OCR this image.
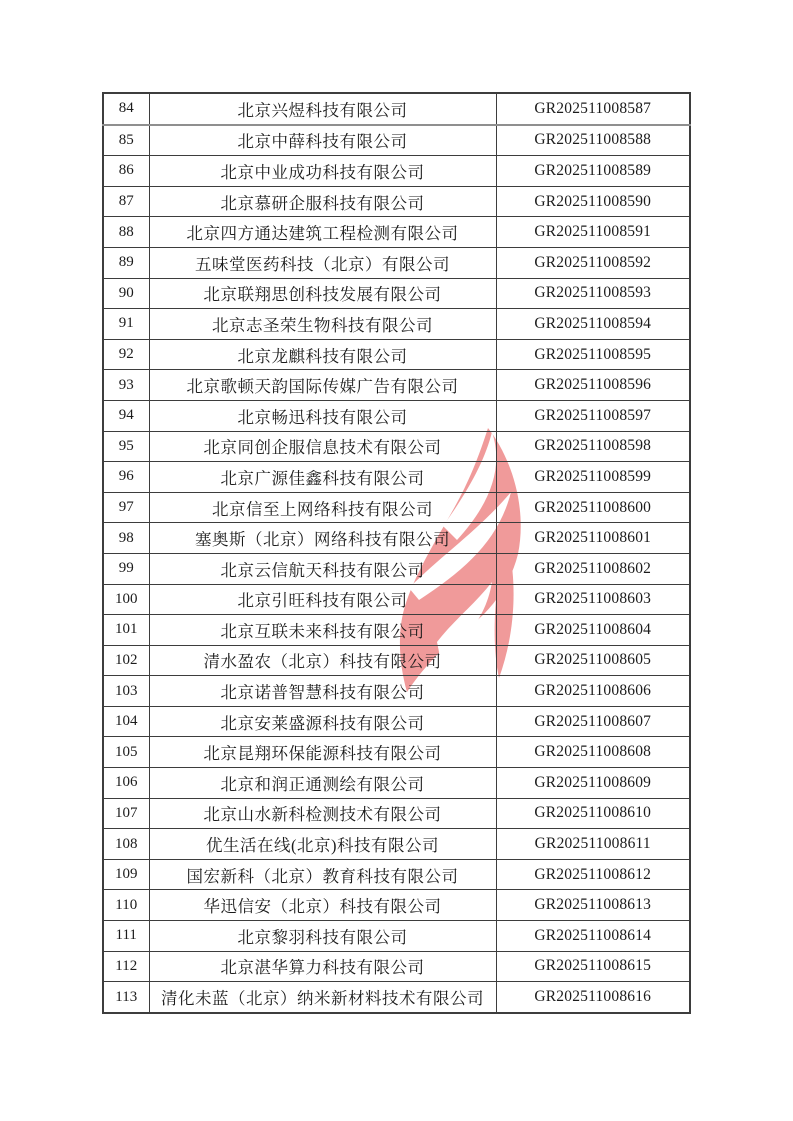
84	北京兴煜科技有限公司	GR202511008587
85	北京中薛科技有限公司	GR202511008588
86	北京中业成功科技有限公司	GR202511008589
87	北京慕研企服科技有限公司	GR202511008590
88	北京四方通达建筑工程检测有限公司	GR202511008591
89	五味堂医药科技（北京）有限公司	GR202511008592
90	北京联翔思创科技发展有限公司	GR202511008593
91	北京志圣荣生物科技有限公司	GR202511008594
92	北京龙麒科技有限公司	GR202511008595
93	北京歌顿天韵国际传媒广告有限公司	GR202511008596
94	北京畅迅科技有限公司	GR202511008597
95	北京同创企服信息技术有限公司	GR202511008598
96	北京广源佳鑫科技有限公司	GR202511008599
97	北京信至上网络科技有限公司	GR202511008600
98	塞奥斯（北京）网络科技有限公司	GR202511008601
99	北京云信航天科技有限公司	GR202511008602
100	北京引旺科技有限公司	GR202511008603
101	北京互联未来科技有限公司	GR202511008604
102	清水盈农（北京）科技有限公司	GR202511008605
103	北京诺普智慧科技有限公司	GR202511008606
104	北京安莱盛源科技有限公司	GR202511008607
105	北京昆翔环保能源科技有限公司	GR202511008608
106	北京和润正通测绘有限公司	GR202511008609
107	北京山水新科检测技术有限公司	GR202511008610
108	优生活在线(北京)科技有限公司	GR202511008611
109	国宏新科（北京）教育科技有限公司	GR202511008612
110	华迅信安（北京）科技有限公司	GR202511008613
111	北京黎羽科技有限公司	GR202511008614
112	北京湛华算力科技有限公司	GR202511008615
113	清化未蓝（北京）纳米新材料技术有限公司	GR202511008616
